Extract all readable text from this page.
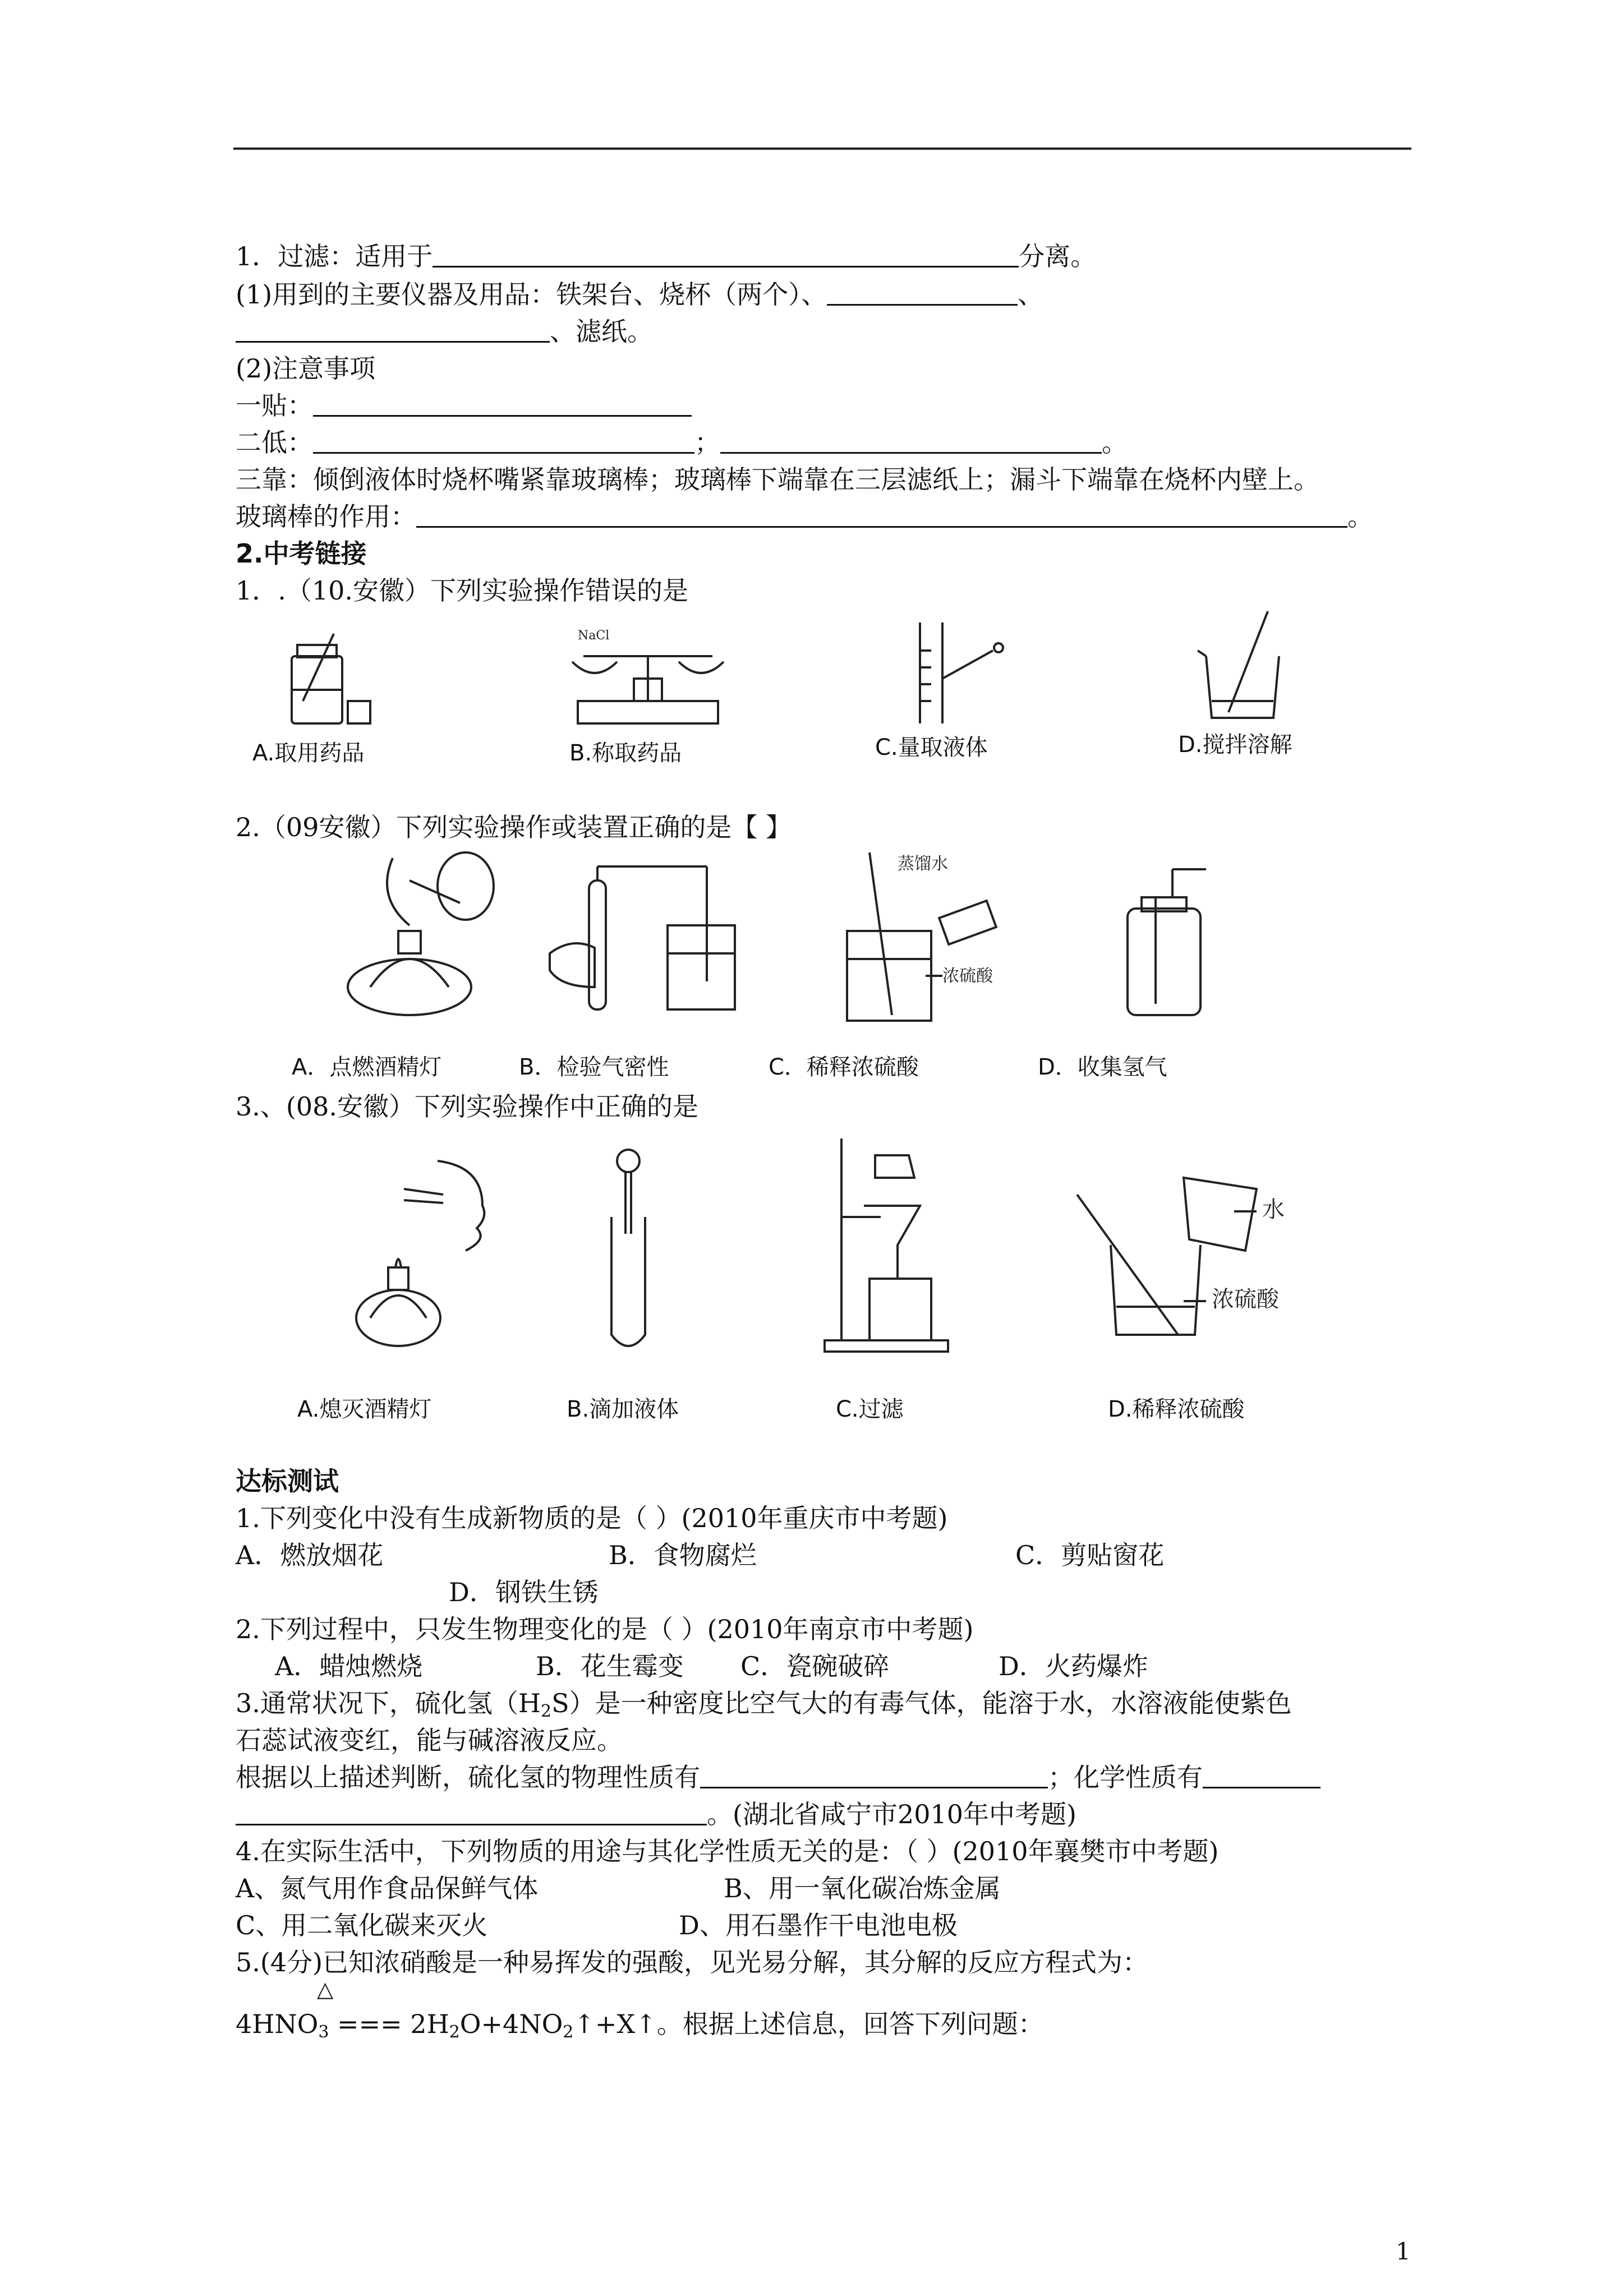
1．过滤：适用于	分离。
(1)用到的主要仪器及用品：铁架台、烧杯（两个）、	、
、滤纸。
(2)注意事项
一贴：
二低：	；	。
三靠：倾倒液体时烧杯嘴紧靠玻璃棒；玻璃棒下端靠在三层滤纸上；漏斗下端靠在烧杯内壁上。
玻璃棒的作用：	。
2.中考链接
1．.（10.安徽）下列实验操作错误的是
A.取用药品
NaCl
B.称取药品	C.量取液体	D.搅拌溶解
2.（09安徽）下列实验操作或装置正确的是【 】
A．点燃酒精灯	B．检验气密性
蒸馏水
浓硫酸
C．稀释浓硫酸	D．收集氢气
3.、(08.安徽）下列实验操作中正确的是
A.熄灭酒精灯	B.滴加液体	C.过滤
水
浓硫酸
D.稀释浓硫酸
达标测试
1.下列变化中没有生成新物质的是（ ）(2010年重庆市中考题)
A．燃放烟花	B．食物腐烂	C．剪贴窗花
D．钢铁生锈
2.下列过程中，只发生物理变化的是（ ）(2010年南京市中考题)
A．蜡烛燃烧	B．花生霉变 C．瓷碗破碎	D．火药爆炸
3.通常状况下，硫化氢（H2S）是一种密度比空气大的有毒气体，能溶于水，水溶液能使紫色
石蕊试液变红，能与碱溶液反应。
根据以上描述判断，硫化氢的物理性质有	；化学性质有
。(湖北省咸宁市2010年中考题)
4.在实际生活中，下列物质的用途与其化学性质无关的是：（ ）(2010年襄樊市中考题)
A、氮气用作食品保鲜气体	B、用一氧化碳冶炼金属
C、用二氧化碳来灭火	D、用石墨作干电池电极
5.(4分)已知浓硝酸是一种易挥发的强酸，见光易分解，其分解的反应方程式为：
△
4HNO3 === 2H2O+4NO2↑+X↑。根据上述信息，回答下列问题：
1
